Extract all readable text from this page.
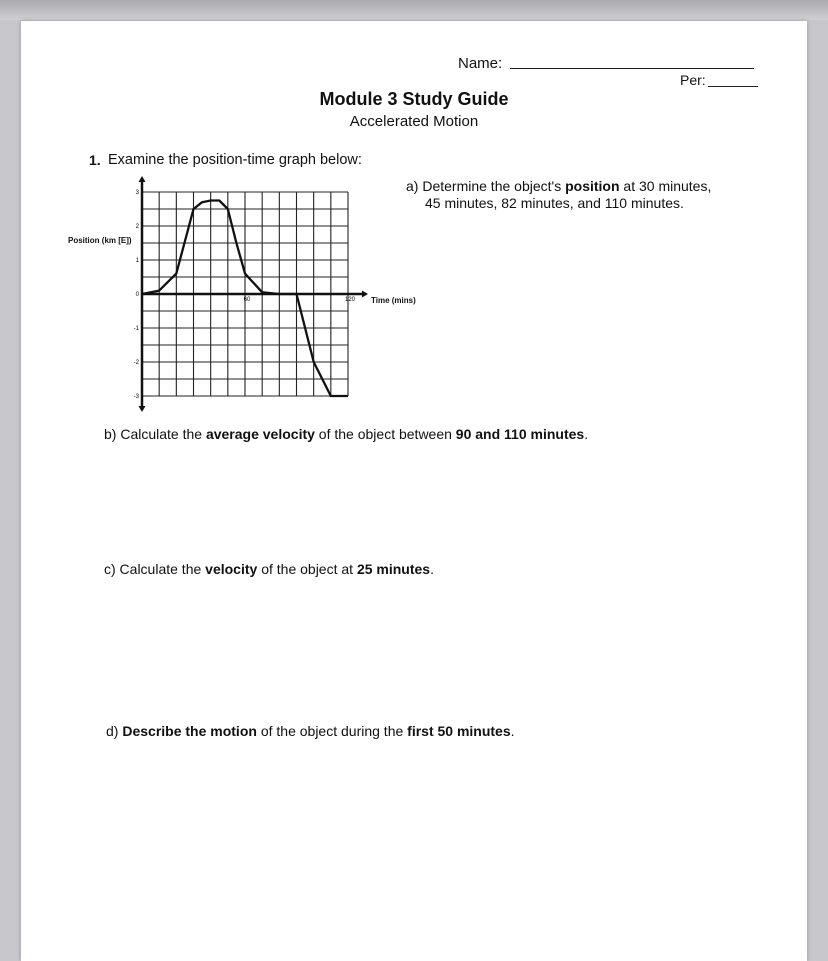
Name:
Per:
Module 3 Study Guide
Accelerated Motion
1. Examine the position-time graph below:
3
2
1
0
-1
-2
-3
60	120
Position (km [E])
Time (mins)
a) Determine the object's position at 30 minutes,
45 minutes, 82 minutes, and 110 minutes.
b) Calculate the average velocity of the object between 90 and 110 minutes.
c) Calculate the velocity of the object at 25 minutes.
d) Describe the motion of the object during the first 50 minutes.
